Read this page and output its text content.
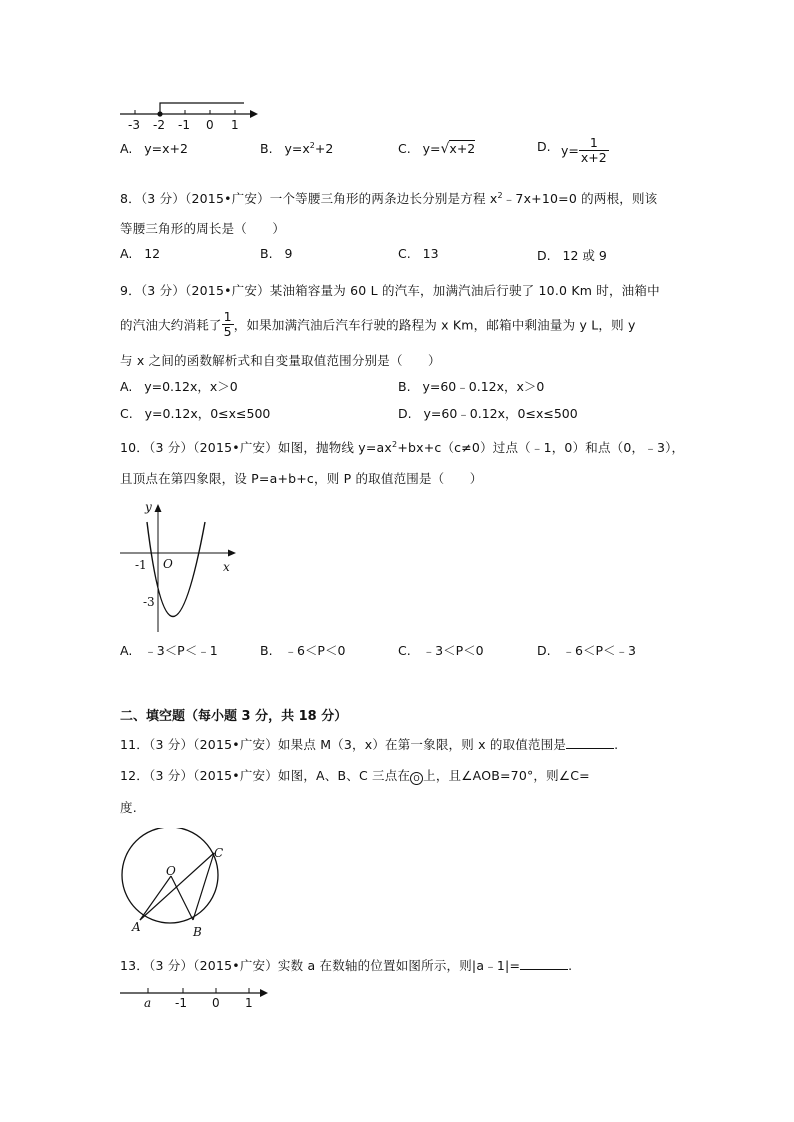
-3 -2 -1 0 1
A. y=x+2	B. $y=x^2+2$	C. y=√x+2	D. $y= \frac{1}{x+2}$
8．（3 分）（2015•广安）一个等腰三角形的两条边长分别是方程 $x^2﹣7x+10=0$ 的两根，则该
等腰三角形的周长是（　　）
A. 12	B. 9	C. 13	D. 12 或 9
9．（3 分）（2015•广安）某油箱容量为 60 L 的汽车，加满汽油后行驶了 10.0 Km 时，油箱中
的汽油大约消耗了 $\frac{1}{5}$ ，如果加满汽油后汽车行驶的路程为 x Km，邮箱中剩油量为 y L，则 y
与 x 之间的函数解析式和自变量取值范围分别是（　　）
A. y=0.12x，x＞0	B. y=60﹣0.12x，x＞0
C. y=0.12x，0≤x≤500	D. y=60﹣0.12x，0≤x≤500
10．（3 分）（2015•广安）如图，抛物线 $y=ax^2+bx+c(c\ne 0)$过点（﹣1，0）和点（0，﹣3），
且顶点在第四象限，设 P=a+b+c，则 P 的取值范围是（　　）
y
x
O
-1
-3
A. ﹣3＜P＜﹣1	B. ﹣6＜P＜0	C. ﹣3＜P＜0	D. ﹣6＜P＜﹣3
二、填空题（每小题 3 分，共 18 分）
11．（3 分）（2015•广安）如果点 M（3，x）在第一象限，则 x 的取值范围是	.
12．（3 分）（2015•广安）如图，A、B、C 三点在 O 上，且∠AOB=70°，则∠C=
度.
O
A	B
C
13．（3 分）（2015•广安）实数 a 在数轴的位置如图所示，则|a﹣1|=	.
a -1 0 1
